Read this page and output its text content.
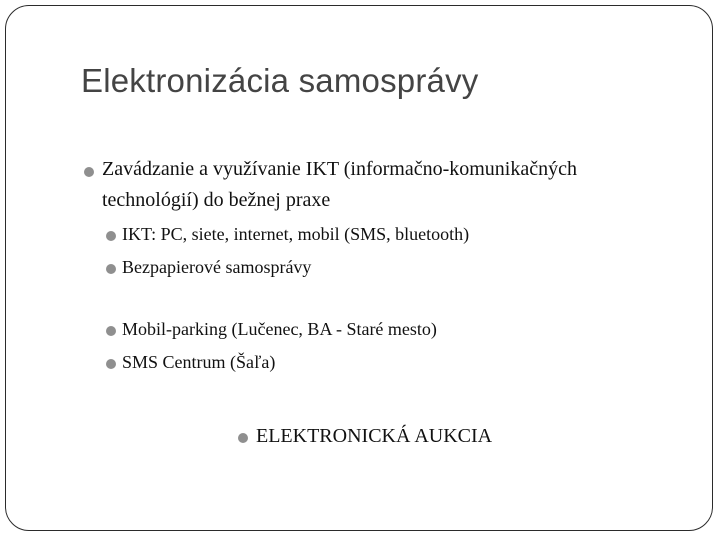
Elektronizácia samosprávy
Zavádzanie a využívanie IKT (informačno-komunikačných
technológií) do bežnej praxe
IKT: PC, siete, internet, mobil (SMS, bluetooth)
Bezpapierové samosprávy
Mobil-parking (Lučenec, BA - Staré mesto)
SMS Centrum (Šaľa)
ELEKTRONICKÁ AUKCIA
